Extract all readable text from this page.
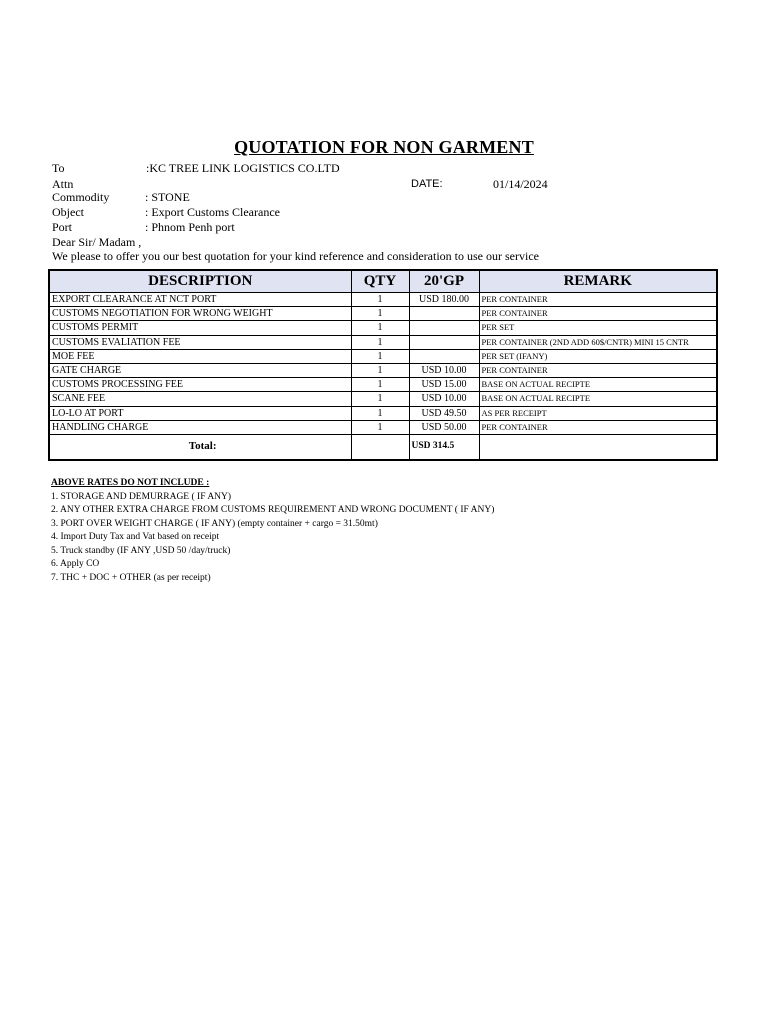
QUOTATION FOR NON GARMENT
To	:KC TREE LINK LOGISTICS CO.LTD
Attn	DATE:	01/14/2024
Commodity	: STONE
Object	: Export Customs Clearance
Port	: Phnom Penh port
Dear Sir/ Madam ,
We please to offer you our best quotation for your kind reference and consideration to use our service
DESCRIPTION	QTY	20'GP	REMARK
EXPORT CLEARANCE AT NCT PORT	1	USD 180.00	PER CONTAINER
CUSTOMS NEGOTIATION FOR WRONG WEIGHT	1		PER CONTAINER
CUSTOMS PERMIT	1		PER SET
CUSTOMS EVALIATION FEE	1		PER CONTAINER (2ND ADD 60$/CNTR) MINI 15 CNTR
MOE FEE	1		PER SET (IFANY)
GATE CHARGE	1	USD 10.00	PER CONTAINER
CUSTOMS PROCESSING FEE	1	USD 15.00	BASE ON ACTUAL RECIPTE
SCANE FEE	1	USD 10.00	BASE ON ACTUAL RECIPTE
LO-LO AT PORT	1	USD 49.50	AS PER RECEIPT
HANDLING CHARGE	1	USD 50.00	PER CONTAINER
Total:		USD 314.5	
ABOVE RATES DO NOT INCLUDE :
1. STORAGE AND DEMURRAGE ( IF ANY)
2. ANY OTHER EXTRA CHARGE FROM CUSTOMS REQUIREMENT AND WRONG DOCUMENT ( IF ANY)
3. PORT OVER WEIGHT CHARGE ( IF ANY) (empty container + cargo = 31.50mt)
4. Import Duty Tax and Vat based on receipt
5. Truck standby (IF ANY ,USD 50 /day/truck)
6. Apply CO
7. THC + DOC + OTHER (as per receipt)
